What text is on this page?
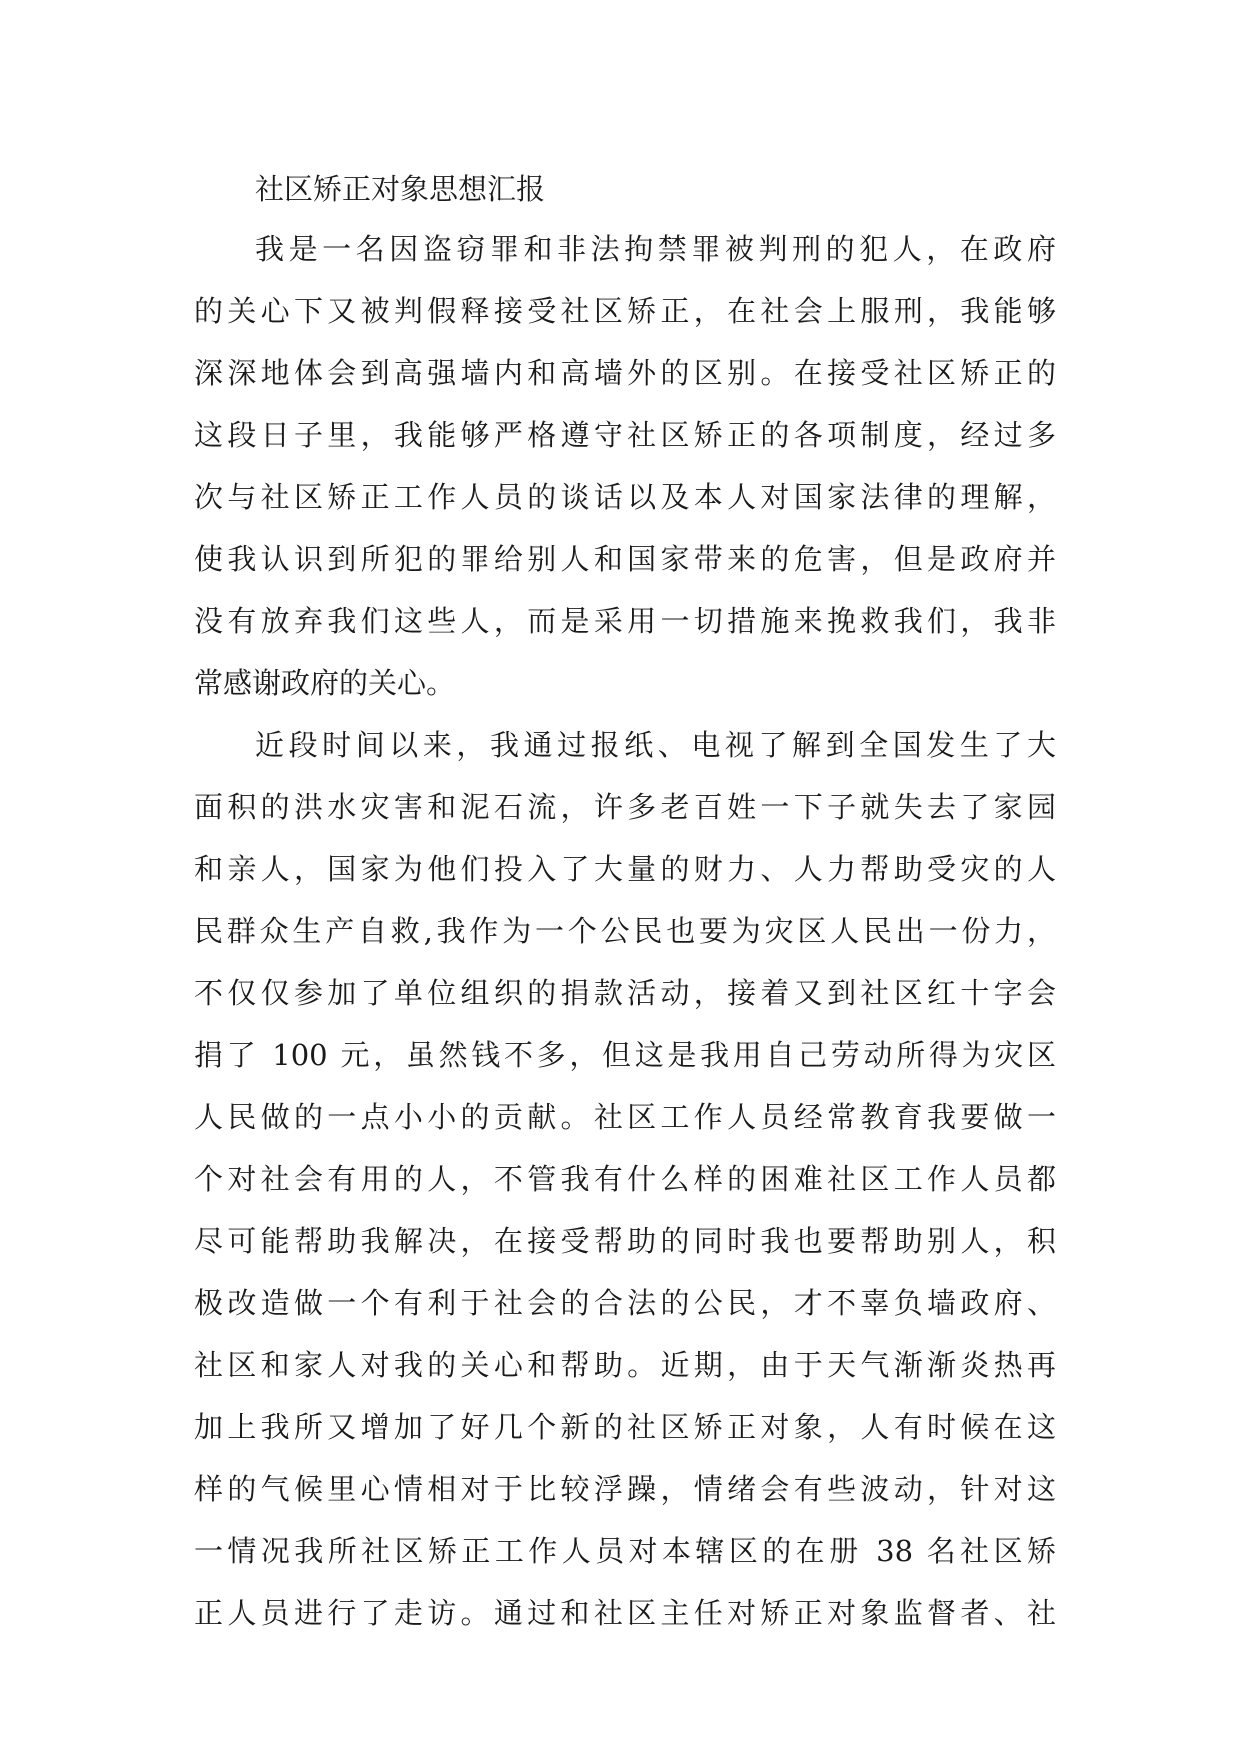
社区矫正对象思想汇报
我是一名因盗窃罪和非法拘禁罪被判刑的犯人，在政府
的关心下又被判假释接受社区矫正，在社会上服刑，我能够
深深地体会到高强墙内和高墙外的区别。在接受社区矫正的
这段日子里，我能够严格遵守社区矫正的各项制度，经过多
次与社区矫正工作人员的谈话以及本人对国家法律的理解，
使我认识到所犯的罪给别人和国家带来的危害，但是政府并
没有放弃我们这些人，而是采用一切措施来挽救我们，我非
常感谢政府的关心。
近段时间以来，我通过报纸、电视了解到全国发生了大
面积的洪水灾害和泥石流，许多老百姓一下子就失去了家园
和亲人，国家为他们投入了大量的财力、人力帮助受灾的人
民群众生产自救,我作为一个公民也要为灾区人民出一份力，
不仅仅参加了单位组织的捐款活动，接着又到社区红十字会
捐了 100 元，虽然钱不多，但这是我用自己劳动所得为灾区
人民做的一点小小的贡献。社区工作人员经常教育我要做一
个对社会有用的人，不管我有什么样的困难社区工作人员都
尽可能帮助我解决，在接受帮助的同时我也要帮助别人，积
极改造做一个有利于社会的合法的公民，才不辜负墙政府、
社区和家人对我的关心和帮助。近期，由于天气渐渐炎热再
加上我所又增加了好几个新的社区矫正对象，人有时候在这
样的气候里心情相对于比较浮躁，情绪会有些波动，针对这
一情况我所社区矫正工作人员对本辖区的在册 38 名社区矫
正人员进行了走访。通过和社区主任对矫正对象监督者、社
